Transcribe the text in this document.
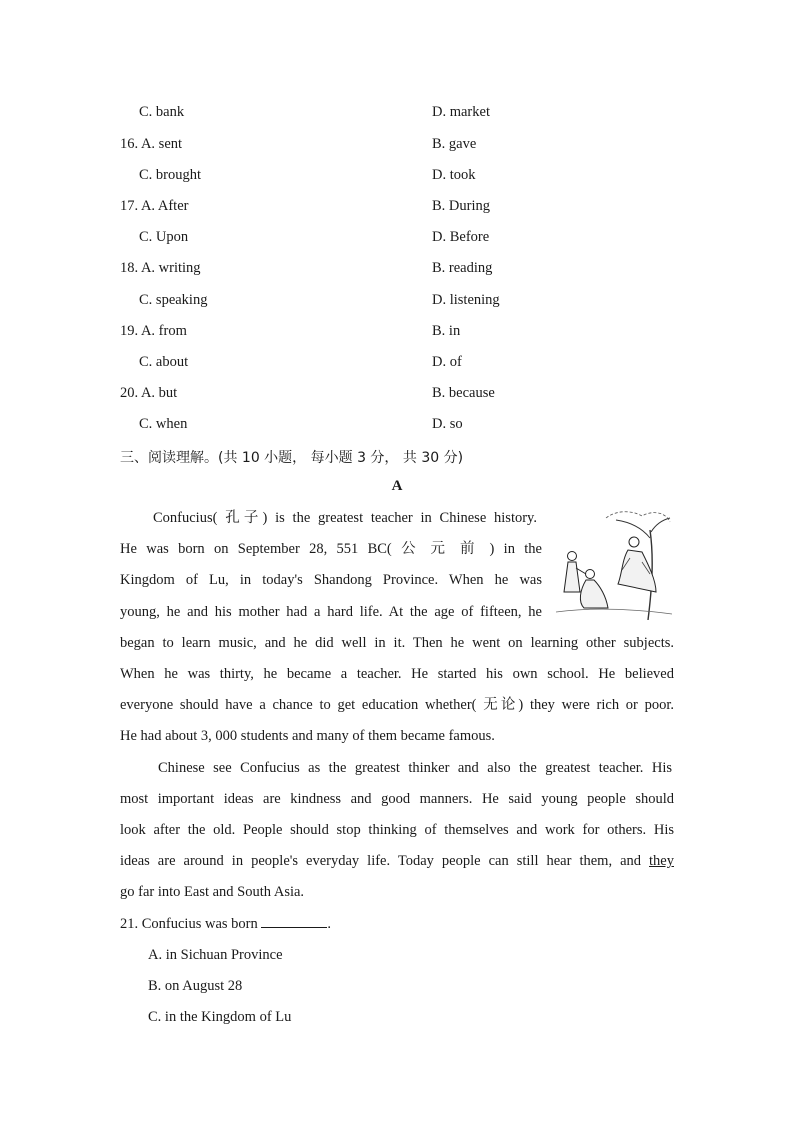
C. bank	D. market
16. A. sent	B. gave
C. brought	D. took
17. A. After	B. During
C. Upon	D. Before
18. A. writing	B. reading
C. speaking	D. listening
19. A. from	B. in
C. about	D. of
20. A. but	B. because
C. when	D. so
三、阅读理解。(共 10 小题， 每小题 3 分， 共 30 分)
A
Confucius( 孔子) is the greatest teacher in Chinese history.
He was born on September 28, 551 BC( 公 元 前 ) in the
Kingdom of Lu, in today's Shandong Province. When he was
young, he and his mother had a hard life. At the age of fifteen, he
began to learn music, and he did well in it. Then he went on learning other subjects.
When he was thirty, he became a teacher. He started his own school. He believed
everyone should have a chance to get education whether( 无论) they were rich or poor.
He had about 3, 000 students and many of them became famous.
Chinese see Confucius as the greatest thinker and also the greatest teacher. His
most important ideas are kindness and good manners. He said young people should
look after the old. People should stop thinking of themselves and work for others. His
ideas are around in people's everyday life. Today people can still hear them, and they
go far into East and South Asia.
21. Confucius was born	.
A. in Sichuan Province
B. on August 28
C. in the Kingdom of Lu
